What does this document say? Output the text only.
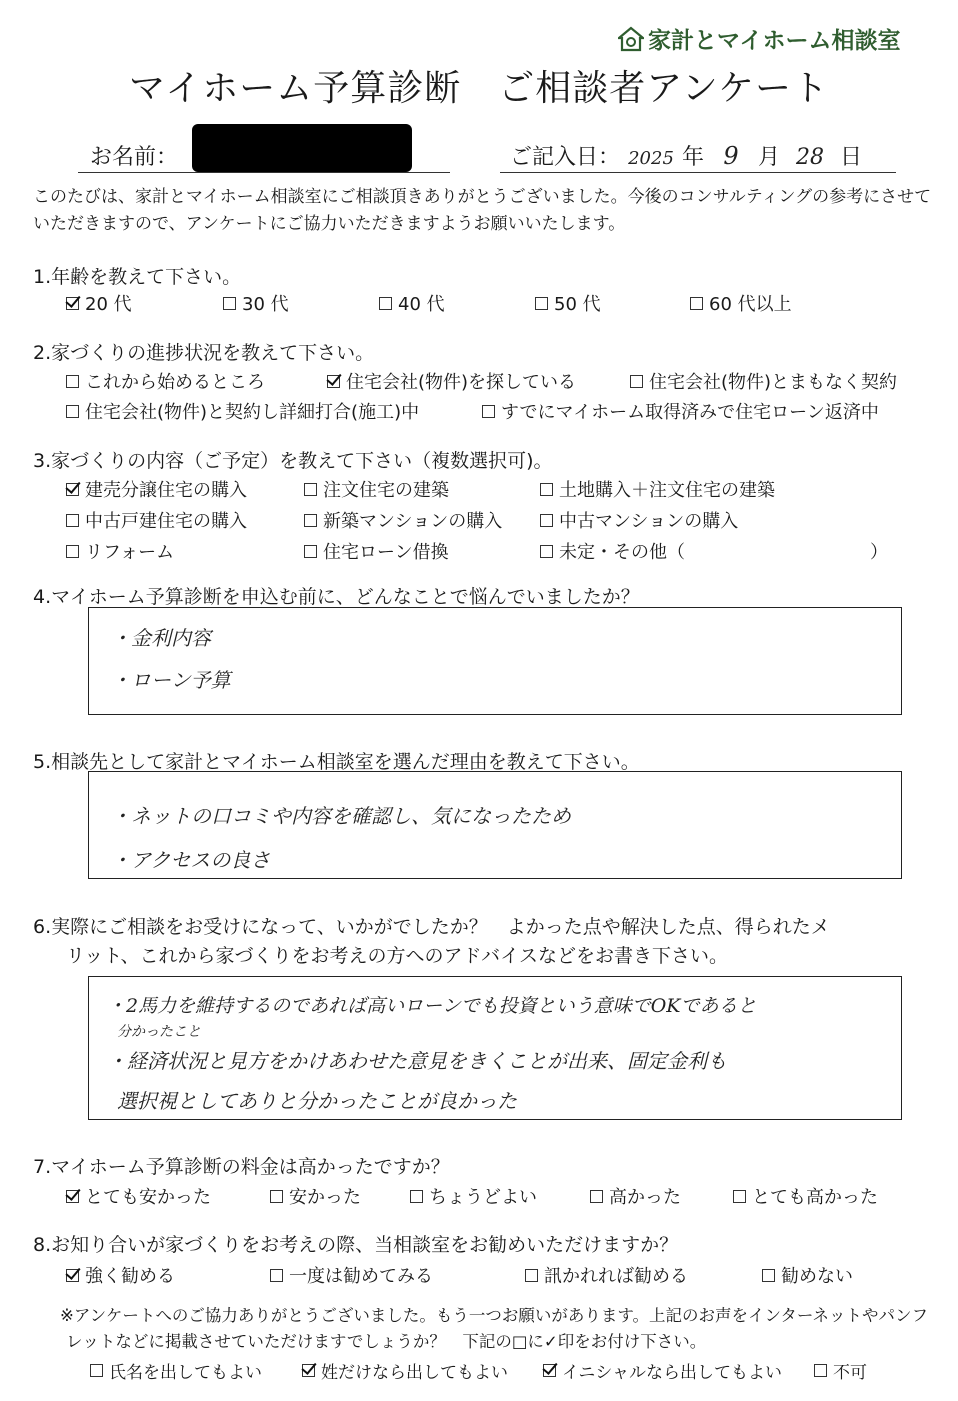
家計とマイホーム相談室
マイホーム予算診断　ご相談者アンケート
お名前：	ご記入日： 2025 年 9 月 28 日
このたびは、家計とマイホーム相談室にご相談頂きありがとうございました。今後のコンサルティングの参考にさせていただきますので、アンケートにご協力いただきますようお願いいたします。
1.年齢を教えて下さい。
20 代	30 代	40 代	50 代	60 代以上
2.家づくりの進捗状況を教えて下さい。
これから始めるところ	住宅会社(物件)を探している	住宅会社(物件)とまもなく契約
住宅会社(物件)と契約し詳細打合(施工)中	すでにマイホーム取得済みで住宅ローン返済中
3.家づくりの内容（ご予定）を教えて下さい（複数選択可)。
建売分譲住宅の購入	注文住宅の建築	土地購入＋注文住宅の建築
中古戸建住宅の購入	新築マンションの購入	中古マンションの購入
リフォーム	住宅ローン借換	未定・その他（	）
4.マイホーム予算診断を申込む前に、どんなことで悩んでいましたか？
・金利内容
・ローン予算
5.相談先として家計とマイホーム相談室を選んだ理由を教えて下さい。
・ネットの口コミや内容を確認し、気になったため
・アクセスの良さ
6.実際にご相談をお受けになって、いかがでしたか？　よかった点や解決した点、得られたメ
リット、これから家づくりをお考えの方へのアドバイスなどをお書き下さい。
・2馬力を維持するのであれば高いローンでも投資という意味でOKであると
分かったこと
・経済状況と見方をかけあわせた意見をきくことが出来、固定金利も
選択視としてありと分かったことが良かった
7.マイホーム予算診断の料金は高かったですか？
とても安かった	安かった	ちょうどよい	高かった	とても高かった
8.お知り合いが家づくりをお考えの際、当相談室をお勧めいただけますか？
強く勧める	一度は勧めてみる	訊かれれば勧める	勧めない
※アンケートへのご協力ありがとうございました。もう一つお願いがあります。上記のお声をインターネットやパンフ
レットなどに掲載させていただけますでしょうか？　下記の□に✓印をお付け下さい。
氏名を出してもよい	姓だけなら出してもよい	イニシャルなら出してもよい	不可
